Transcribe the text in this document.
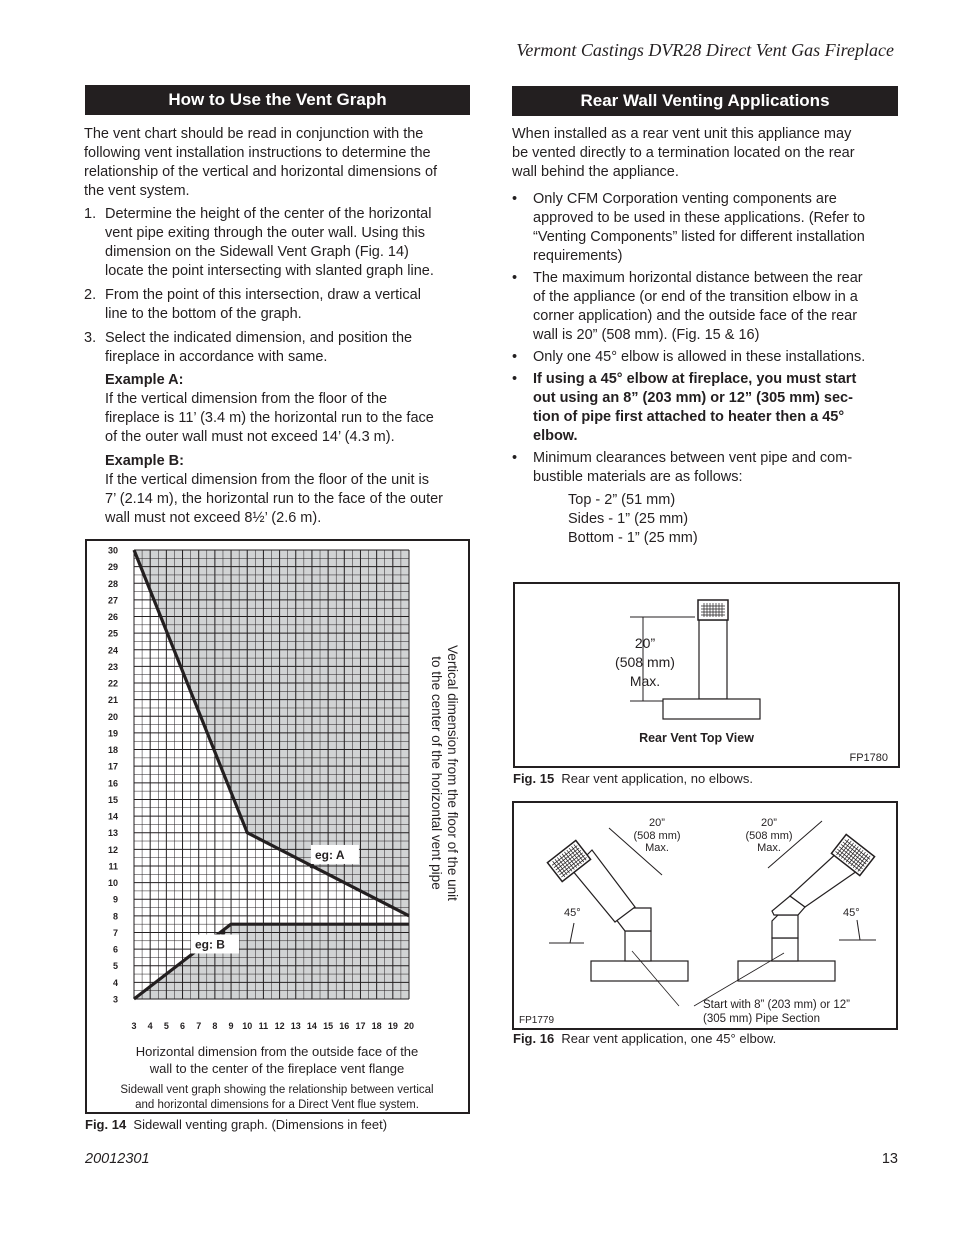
Vermont Castings DVR28 Direct Vent Gas Fireplace
How to Use the Vent Graph
The vent chart should be read in conjunction with the
following vent installation instructions to determine the
relationship of the vertical and horizontal dimensions of
the vent system.
1. Determine the height of the center of the horizontal
vent pipe exiting through the outer wall. Using this
dimension on the Sidewall Vent Graph (Fig. 14)
locate the point intersecting with slanted graph line.
2. From the point of this intersection, draw a vertical
line to the bottom of the graph.
3. Select the indicated dimension, and position the
fireplace in accordance with same.
Example A:
If the vertical dimension from the floor of the
fireplace is 11’ (3.4 m) the horizontal run to the face
of the outer wall must not exceed 14’ (4.3 m).
Example B:
If the vertical dimension from the floor of the unit is
7’ (2.14 m), the horizontal run to the face of the outer
wall must not exceed 8½’ (2.6 m).
eg: A
eg: B
30
29
28
27
26
25
24
23
22
21
20
19
18
17
16
15
14
13
12
11
10
9
8
7
6
5
4
3
3 4 5 6 7 8 9 10 11 12 13 14 15 16 17 18 19 20
Vertical dimension from the floor of the unit
to the center of the horizontal vent pipe
Horizontal dimension from the outside face of the
wall to the center of the fireplace vent flange
Sidewall vent graph showing the relationship between vertical
and horizontal dimensions for a Direct Vent flue system.
Fig. 14 Sidewall venting graph. (Dimensions in feet)
Rear Wall Venting Applications
When installed as a rear vent unit this appliance may
be vented directly to a termination located on the rear
wall behind the appliance.
•	Only CFM Corporation venting components are
approved to be used in these applications. (Refer to
“Venting Components” listed for different installation
requirements)
•	The maximum horizontal distance between the rear
of the appliance (or end of the transition elbow in a
corner application) and the outside face of the rear
wall is 20” (508 mm). (Fig. 15 & 16)
•	Only one 45° elbow is allowed in these installations.
•	If using a 45° elbow at fireplace, you must start
out using an 8” (203 mm) or 12” (305 mm) sec-
tion of pipe first attached to heater then a 45°
elbow.
•	Minimum clearances between vent pipe and com-
bustible materials are as follows:
Top - 2” (51 mm)
Sides - 1” (25 mm)
Bottom - 1” (25 mm)
20”
(508 mm)
Max.
Rear Vent Top View
FP1780
Fig. 15 Rear vent application, no elbows.
20”
(508 mm)
Max.
20”
(508 mm)
Max.
45°	45°
Start with 8” (203 mm) or 12”
(305 mm) Pipe Section
FP1779
Fig. 16 Rear vent application, one 45° elbow.
20012301	13
